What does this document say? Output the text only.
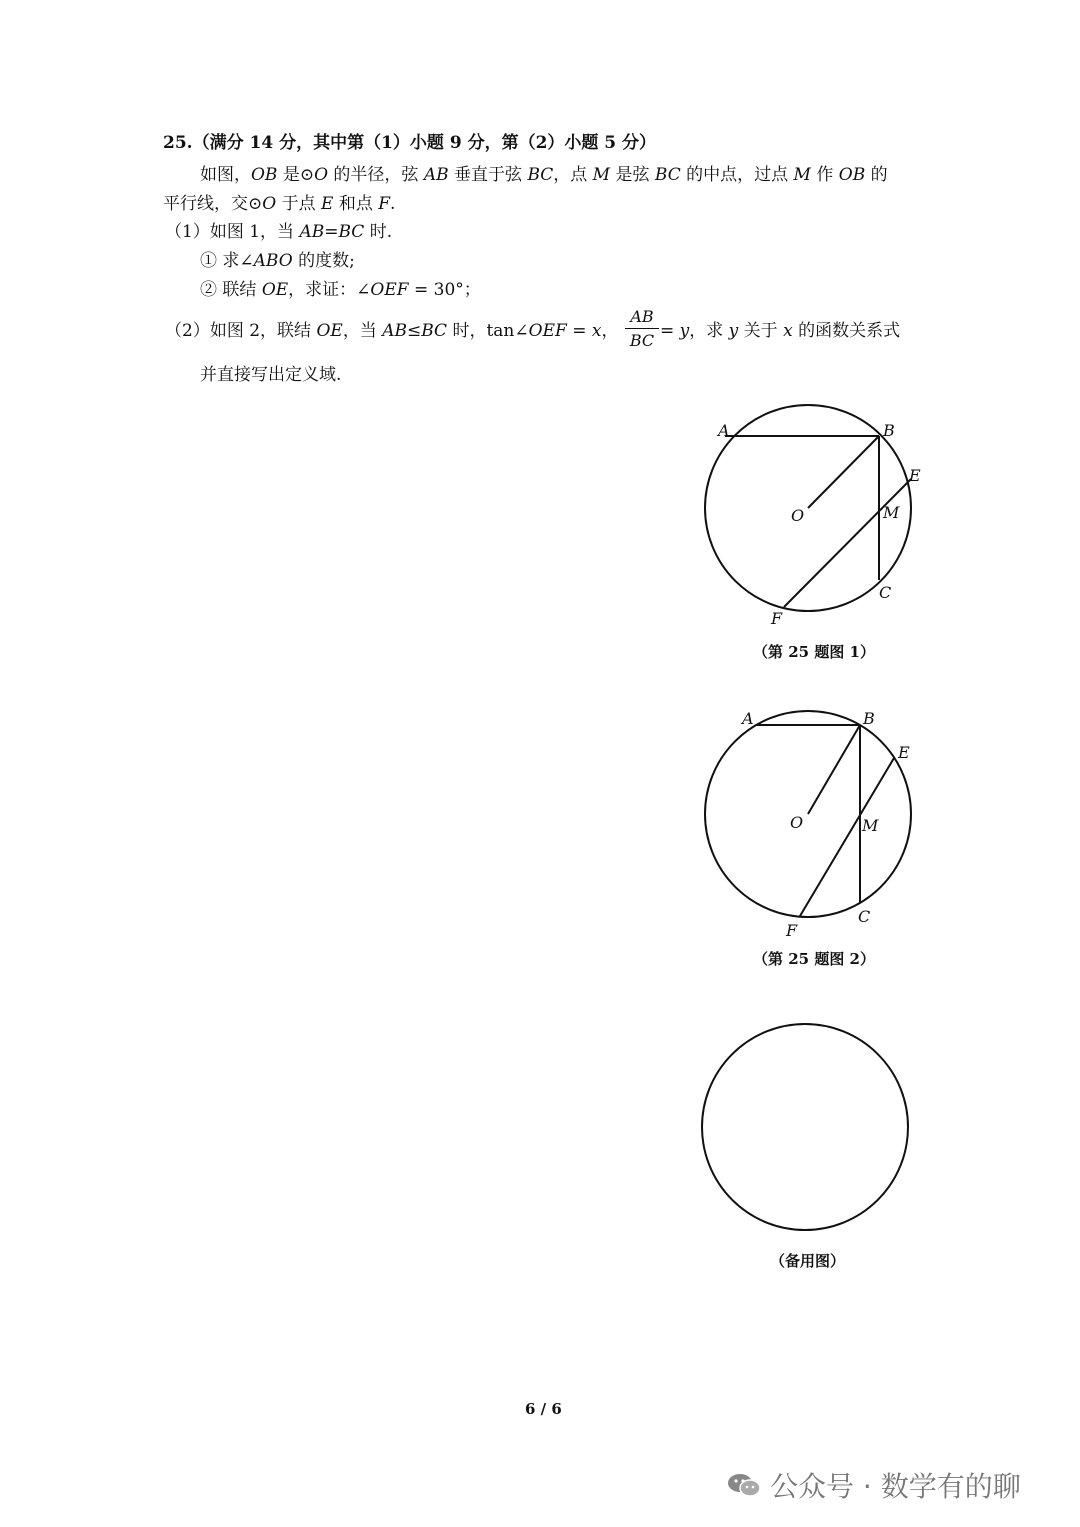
25.（满分 14 分，其中第（1）小题 9 分，第（2）小题 5 分）
如图，OB 是⊙O 的半径，弦 AB 垂直于弦 BC，点 M 是弦 BC 的中点，过点 M 作 OB 的
平行线，交⊙O 于点 E 和点 F.
（1）如图 1，当 AB=BC 时.
① 求∠ABO 的度数;
② 联结 OE，求证：∠OEF = 30°；
（2）如图 2，联结 OE，当 AB≤BC 时，tan∠OEF = x， $\frac{AB}{BC} = y$，求 y 关于 x 的函数关系式
并直接写出定义域.
A	B
E
O	M
C
F
（第 25 题图 1）
A	B
E
O	M
C
F
（第 25 题图 2）
（备用图）
6 / 6
公众号 · 数学有的聊
